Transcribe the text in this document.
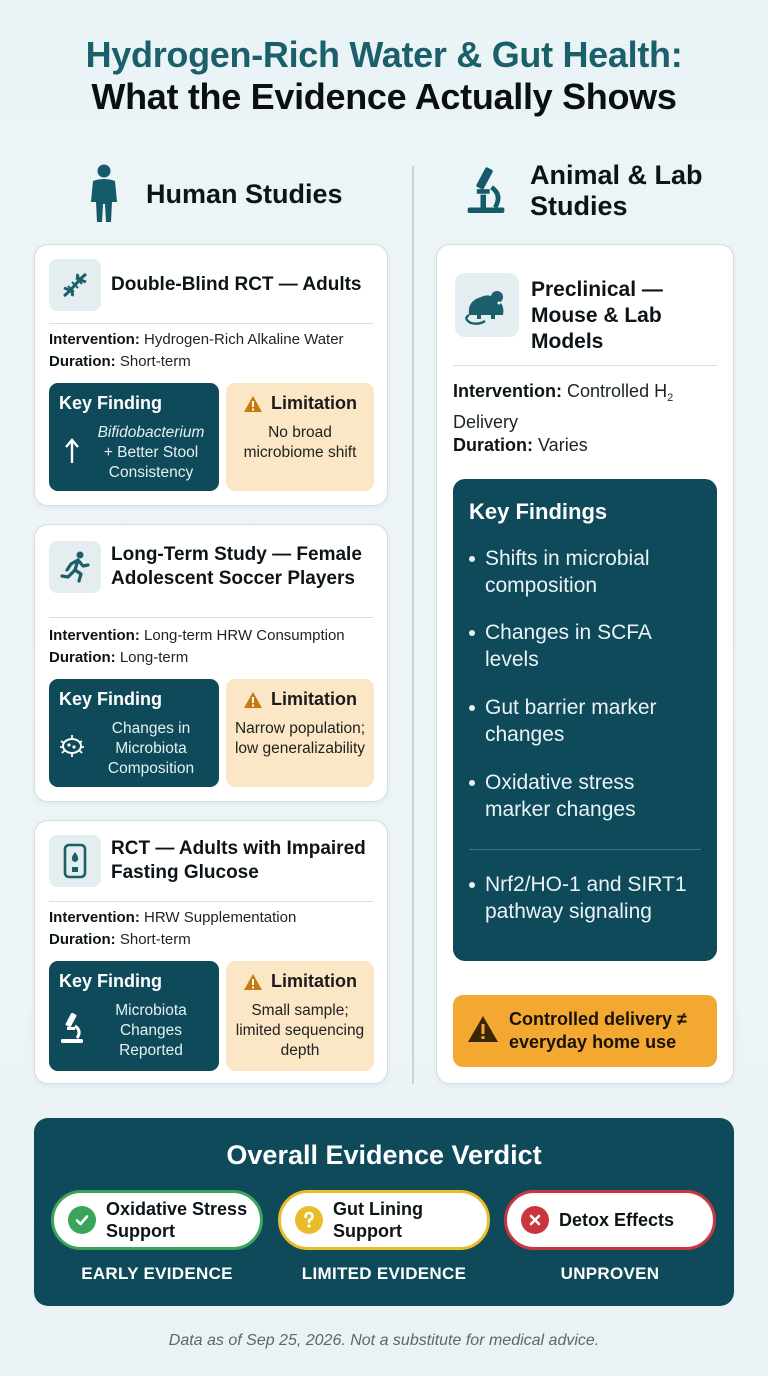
Hydrogen-Rich Water & Gut Health:
What the Evidence Actually Shows
Human Studies
Animal & Lab Studies
Double-Blind RCT — Adults
Intervention: Hydrogen-Rich Alkaline Water
Duration: Short-term
Key Finding
Bifidobacterium
+ Better Stool Consistency
Limitation
No broad microbiome shift
Long-Term Study — Female Adolescent Soccer Players
Intervention: Long-term HRW Consumption
Duration: Long-term
Key Finding
Changes in Microbiota Composition
Limitation
Narrow population; low generalizability
RCT — Adults with Impaired Fasting Glucose
Intervention: HRW Supplementation
Duration: Short-term
Key Finding
Microbiota Changes Reported
Limitation
Small sample; limited sequencing depth
Preclinical — Mouse & Lab Models
Intervention: Controlled $H_2$ Delivery
Duration: Varies
Key Findings
Shifts in microbial composition
Changes in SCFA levels
Gut barrier marker changes
Oxidative stress marker changes
Nrf2/HO-1 and SIRT1 pathway signaling
Controlled delivery ≠ everyday home use
Overall Evidence Verdict
Oxidative Stress Support
EARLY EVIDENCE
Gut Lining Support
LIMITED EVIDENCE
Detox Effects
UNPROVEN
Data as of Sep 25, 2026. Not a substitute for medical advice.
